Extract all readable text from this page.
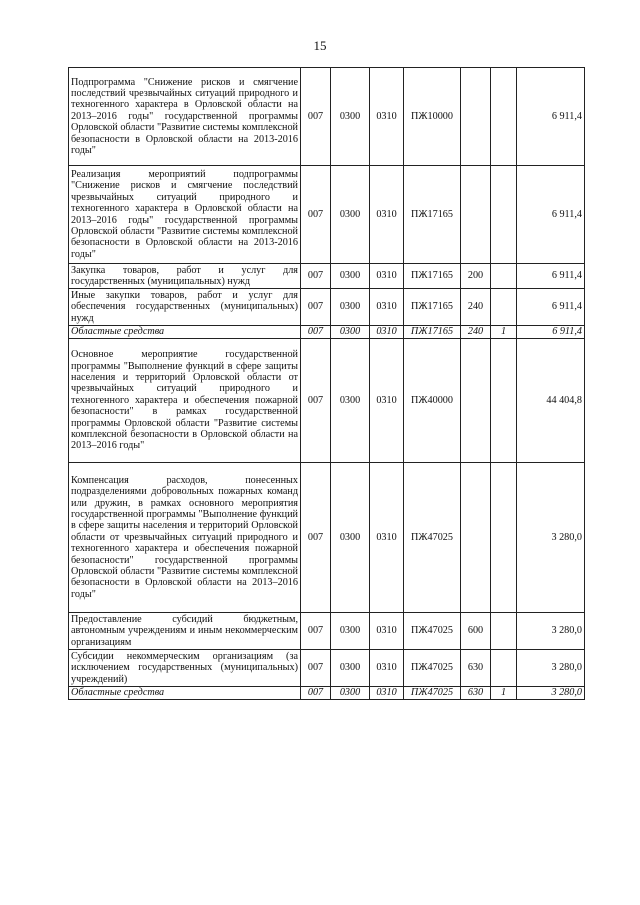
15
Подпрограмма "Снижение рисков и смягчение последствий чрезвычайных ситуаций природного и техногенного характера в Орловской области на 2013–2016 годы" государственной программы Орловской области "Развитие системы комплексной безопасности в Орловской области на 2013-2016 годы"	007	0300	0310	ПЖ10000			6 911,4
Реализация мероприятий подпрограммы "Снижение рисков и смягчение последствий чрезвычайных ситуаций природного и техногенного характера в Орловской области на 2013–2016 годы" государственной программы Орловской области "Развитие системы комплексной безопасности в Орловской области на 2013-2016 годы"	007	0300	0310	ПЖ17165			6 911,4
Закупка товаров, работ и услуг для государственных (муниципальных) нужд	007	0300	0310	ПЖ17165	200		6 911,4
Иные закупки товаров, работ и услуг для обеспечения государственных (муниципальных) нужд	007	0300	0310	ПЖ17165	240		6 911,4
Областные средства	007	0300	0310	ПЖ17165	240	1	6 911,4
Основное мероприятие государственной программы "Выполнение функций в сфере защиты населения и территорий Орловской области от чрезвычайных ситуаций природного и техногенного характера и обеспечения пожарной безопасности" в рамках государственной программы Орловской области "Развитие системы комплексной безопасности в Орловской области на 2013–2016 годы"	007	0300	0310	ПЖ40000			44 404,8
Компенсация расходов, понесенных подразделениями добровольных пожарных команд или дружин, в рамках основного мероприятия государственной программы "Выполнение функций в сфере защиты населения и территорий Орловской области от чрезвычайных ситуаций природного и техногенного характера и обеспечения пожарной безопасности" государственной программы Орловской области "Развитие системы комплексной безопасности в Орловской области на 2013–2016 годы"	007	0300	0310	ПЖ47025			3 280,0
Предоставление субсидий бюджетным, автономным учреждениям и иным некоммерческим организациям	007	0300	0310	ПЖ47025	600		3 280,0
Субсидии некоммерческим организациям (за исключением государственных (муниципальных) учреждений)	007	0300	0310	ПЖ47025	630		3 280,0
Областные средства	007	0300	0310	ПЖ47025	630	1	3 280,0
